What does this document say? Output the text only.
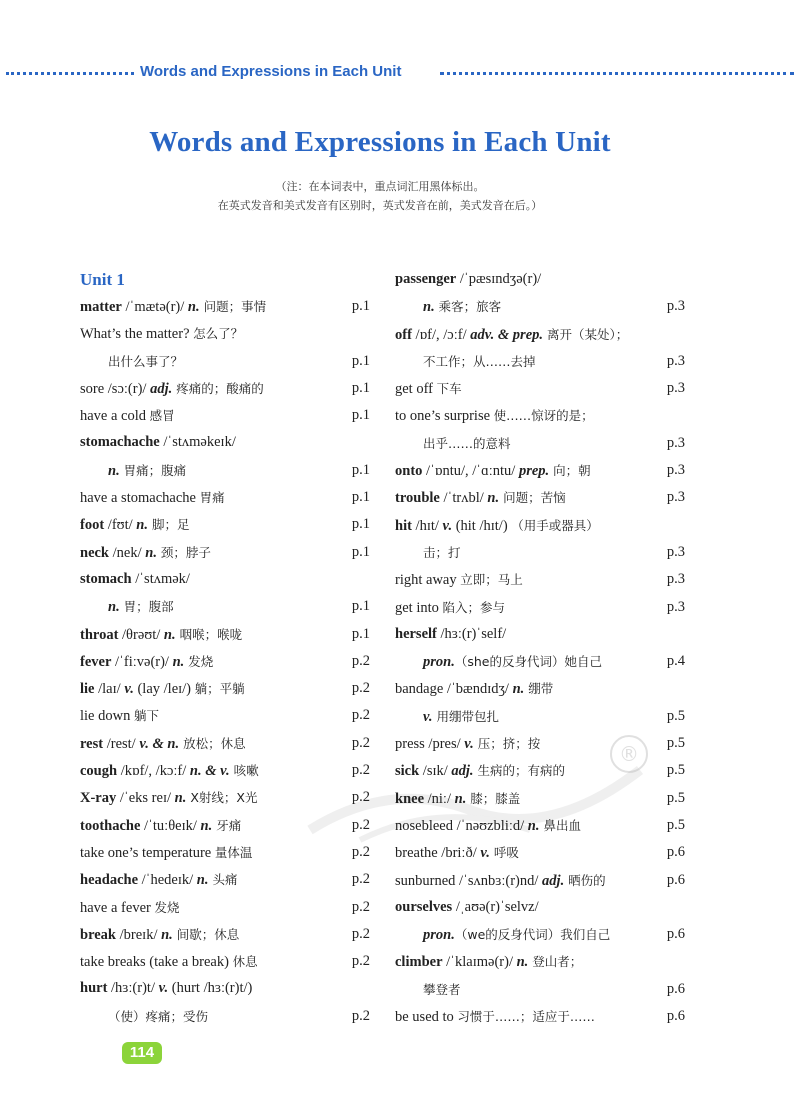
Words and Expressions in Each Unit
Words and Expressions in Each Unit
（注：在本词表中，重点词汇用黑体标出。
在英式发音和美式发音有区别时，英式发音在前，美式发音在后。）
®
Unit 1
matter /ˈmætə(r)/ n. 问题；事情	p.1
What’s the matter? 怎么了？
出什么事了？	p.1
sore /sɔː(r)/ adj. 疼痛的；酸痛的	p.1
have a cold 感冒	p.1
stomachache /ˈstʌməkeɪk/
n. 胃痛；腹痛	p.1
have a stomachache 胃痛	p.1
foot /fʊt/ n. 脚；足	p.1
neck /nek/ n. 颈；脖子	p.1
stomach /ˈstʌmək/
n. 胃；腹部	p.1
throat /θrəʊt/ n. 咽喉；喉咙	p.1
fever /ˈfiːvə(r)/ n. 发烧	p.2
lie /laɪ/ v. (lay /leɪ/) 躺；平躺	p.2
lie down 躺下	p.2
rest /rest/ v. & n. 放松；休息	p.2
cough /kɒf/, /kɔːf/ n. & v. 咳嗽	p.2
X-ray /ˈeks reɪ/ n. X射线；X光	p.2
toothache /ˈtuːθeɪk/ n. 牙痛	p.2
take one’s temperature 量体温	p.2
headache /ˈhedeɪk/ n. 头痛	p.2
have a fever 发烧	p.2
break /breɪk/ n. 间歇；休息	p.2
take breaks (take a break) 休息	p.2
hurt /hɜː(r)t/ v. (hurt /hɜː(r)t/)
（使）疼痛；受伤	p.2
passenger /ˈpæsɪndʒə(r)/
n. 乘客；旅客	p.3
off /ɒf/, /ɔːf/ adv. & prep. 离开（某处）；
不工作；从……去掉	p.3
get off 下车	p.3
to one’s surprise 使……惊讶的是；
出乎……的意料	p.3
onto /ˈɒntu/, /ˈɑːntu/ prep. 向；朝	p.3
trouble /ˈtrʌbl/ n. 问题；苦恼	p.3
hit /hɪt/ v. (hit /hɪt/) （用手或器具）
击；打	p.3
right away 立即；马上	p.3
get into 陷入；参与	p.3
herself /hɜː(r)ˈself/
pron.（she的反身代词）她自己	p.4
bandage /ˈbændɪdʒ/ n. 绷带
v. 用绷带包扎	p.5
press /pres/ v. 压；挤；按	p.5
sick /sɪk/ adj. 生病的；有病的	p.5
knee /niː/ n. 膝；膝盖	p.5
nosebleed /ˈnəʊzbliːd/ n. 鼻出血	p.5
breathe /briːð/ v. 呼吸	p.6
sunburned /ˈsʌnbɜː(r)nd/ adj. 晒伤的	p.6
ourselves /ˌaʊə(r)ˈselvz/
pron.（we的反身代词）我们自己	p.6
climber /ˈklaɪmə(r)/ n. 登山者；
攀登者	p.6
be used to 习惯于……；适应于……	p.6
114
